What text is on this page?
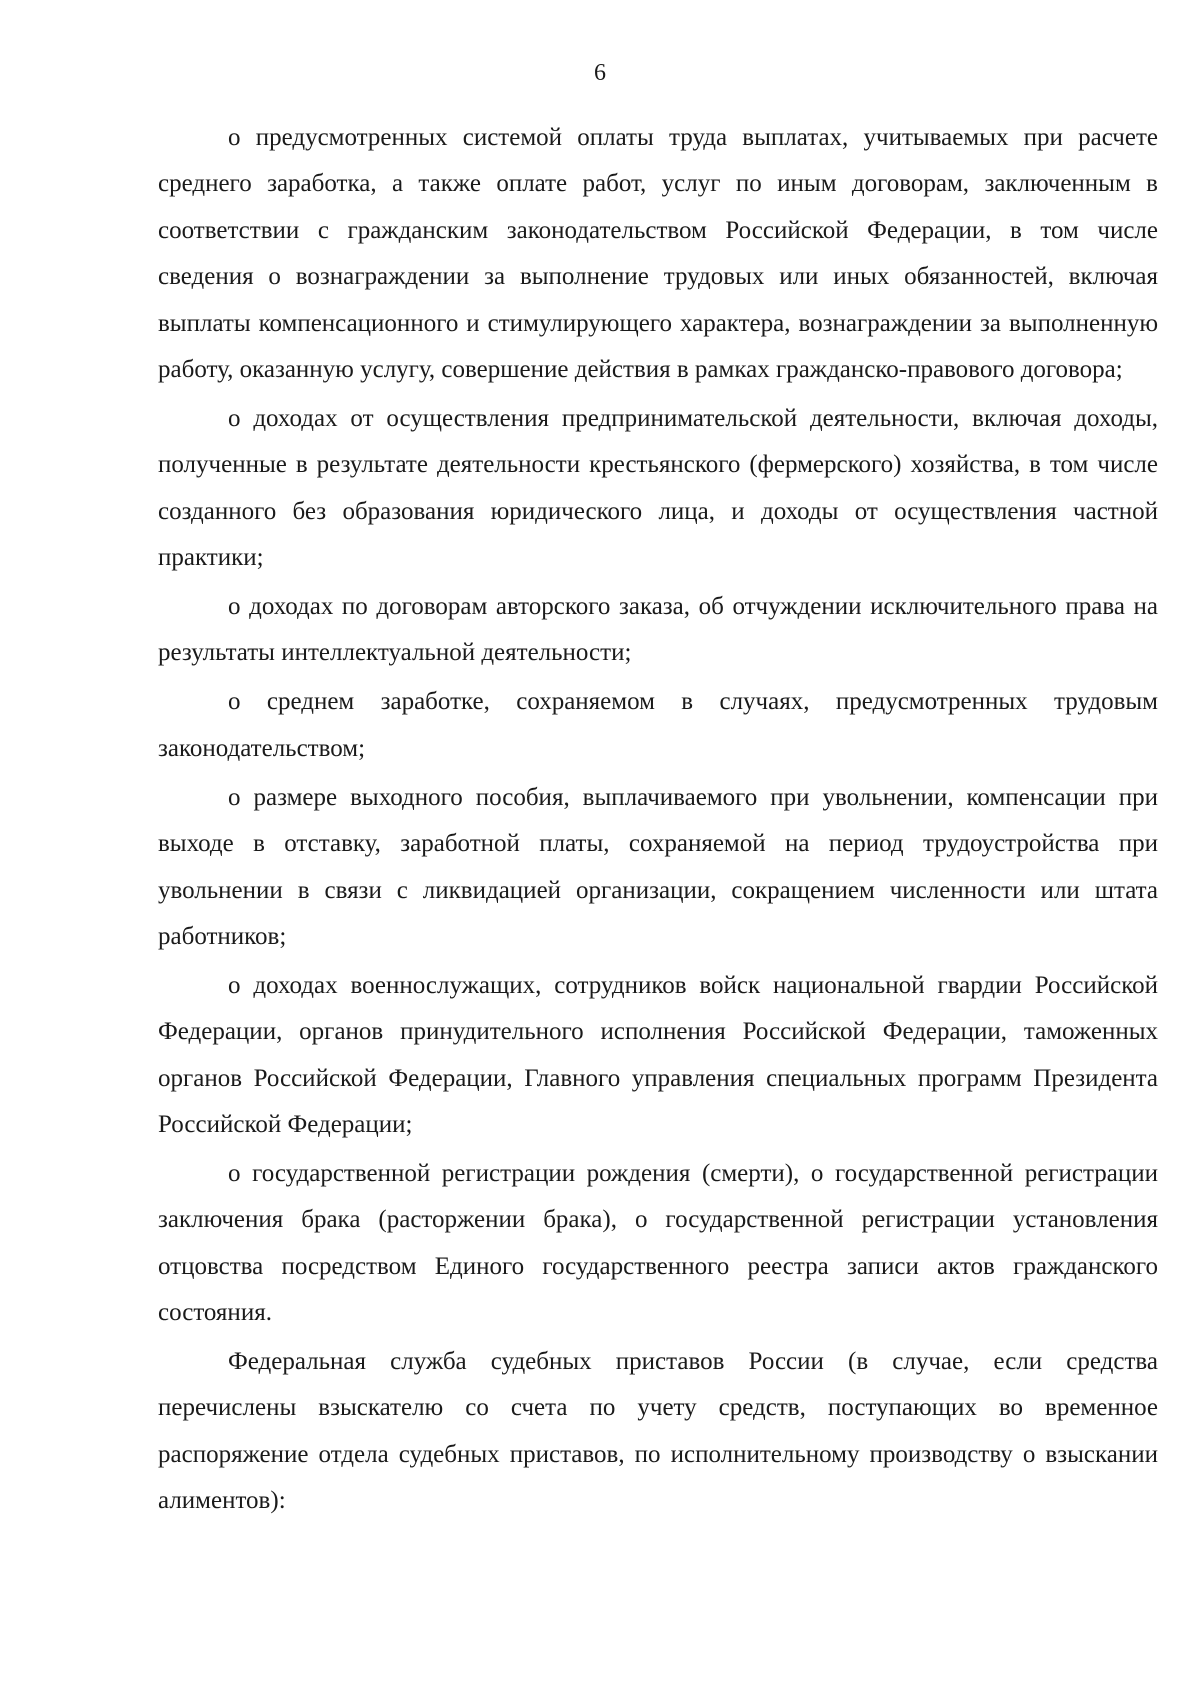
6

о предусмотренных системой оплаты труда выплатах, учитываемых при расчете среднего заработка, а также оплате работ, услуг по иным договорам, заключенным в соответствии с гражданским законодательством Российской Федерации, в том числе сведения о вознаграждении за выполнение трудовых или иных обязанностей, включая выплаты компенсационного и стимулирующего характера, вознаграждении за выполненную работу, оказанную услугу, совершение действия в рамках гражданско-правового договора;

о доходах от осуществления предпринимательской деятельности, включая доходы, полученные в результате деятельности крестьянского (фермерского) хозяйства, в том числе созданного без образования юридического лица, и доходы от осуществления частной практики;

о доходах по договорам авторского заказа, об отчуждении исключительного права на результаты интеллектуальной деятельности;

о среднем заработке, сохраняемом в случаях, предусмотренных трудовым законодательством;

о размере выходного пособия, выплачиваемого при увольнении, компенсации при выходе в отставку, заработной платы, сохраняемой на период трудоустройства при увольнении в связи с ликвидацией организации, сокращением численности или штата работников;

о доходах военнослужащих, сотрудников войск национальной гвардии Российской Федерации, органов принудительного исполнения Российской Федерации, таможенных органов Российской Федерации, Главного управления специальных программ Президента Российской Федерации;

о государственной регистрации рождения (смерти), о государственной регистрации заключения брака (расторжении брака), о государственной регистрации установления отцовства посредством Единого государственного реестра записи актов гражданского состояния.

Федеральная служба судебных приставов России (в случае, если средства перечислены взыскателю со счета по учету средств, поступающих во временное распоряжение отдела судебных приставов, по исполнительному производству о взыскании алиментов):
